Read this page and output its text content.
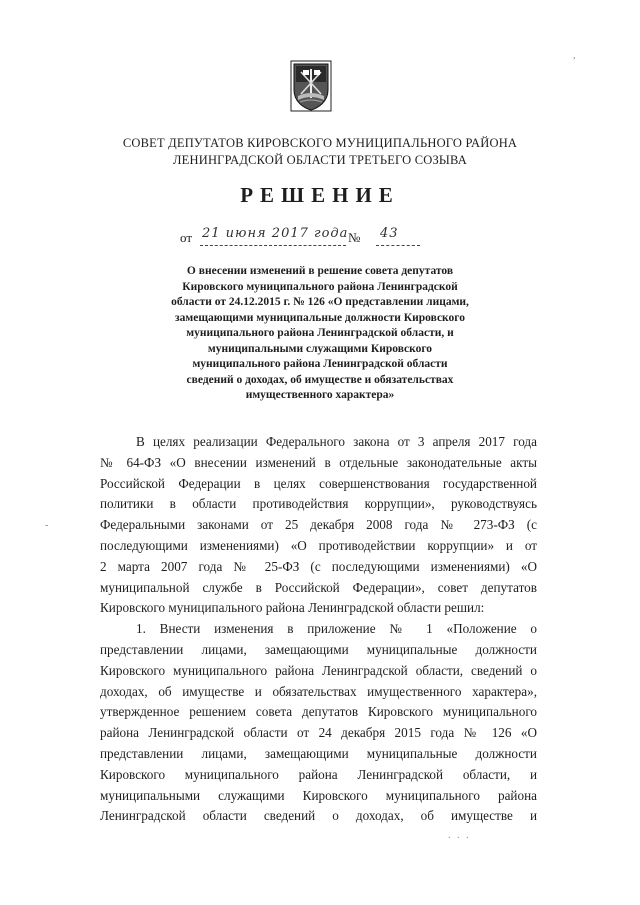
СОВЕТ ДЕПУТАТОВ КИРОВСКОГО МУНИЦИПАЛЬНОГО РАЙОНА
ЛЕНИНГРАДСКОЙ ОБЛАСТИ ТРЕТЬЕГО СОЗЫВА
РЕШЕНИЕ
от 21 июня 2017 года № 43
О внесении изменений в решение совета депутатов
Кировского муниципального района Ленинградской
области от 24.12.2015 г. № 126 «О представлении лицами,
замещающими муниципальные должности Кировского
муниципального района Ленинградской области, и
муниципальными служащими Кировского
муниципального района Ленинградской области
сведений о доходах, об имуществе и обязательствах
имущественного характера»
В целях реализации Федерального закона от 3 апреля 2017 года
№ 64-ФЗ «О внесении изменений в отдельные законодательные акты
Российской Федерации в целях совершенствования государственной
политики в области противодействия коррупции», руководствуясь
Федеральными законами от 25 декабря 2008 года № 273-ФЗ (с
последующими изменениями) «О противодействии коррупции» и от
2 марта 2007 года № 25-ФЗ (с последующими изменениями) «О
муниципальной службе в Российской Федерации», совет депутатов
Кировского муниципального района Ленинградской области решил:
1. Внести изменения в приложение № 1 «Положение о
представлении лицами, замещающими муниципальные должности
Кировского муниципального района Ленинградской области, сведений о
доходах, об имуществе и обязательствах имущественного характера»,
утвержденное решением совета депутатов Кировского муниципального
района Ленинградской области от 24 декабря 2015 года № 126 «О
представлении лицами, замещающими муниципальные должности
Кировского муниципального района Ленинградской области, и
муниципальными служащими Кировского муниципального района
Ленинградской области сведений о доходах, об имуществе и
,
-
. . .
